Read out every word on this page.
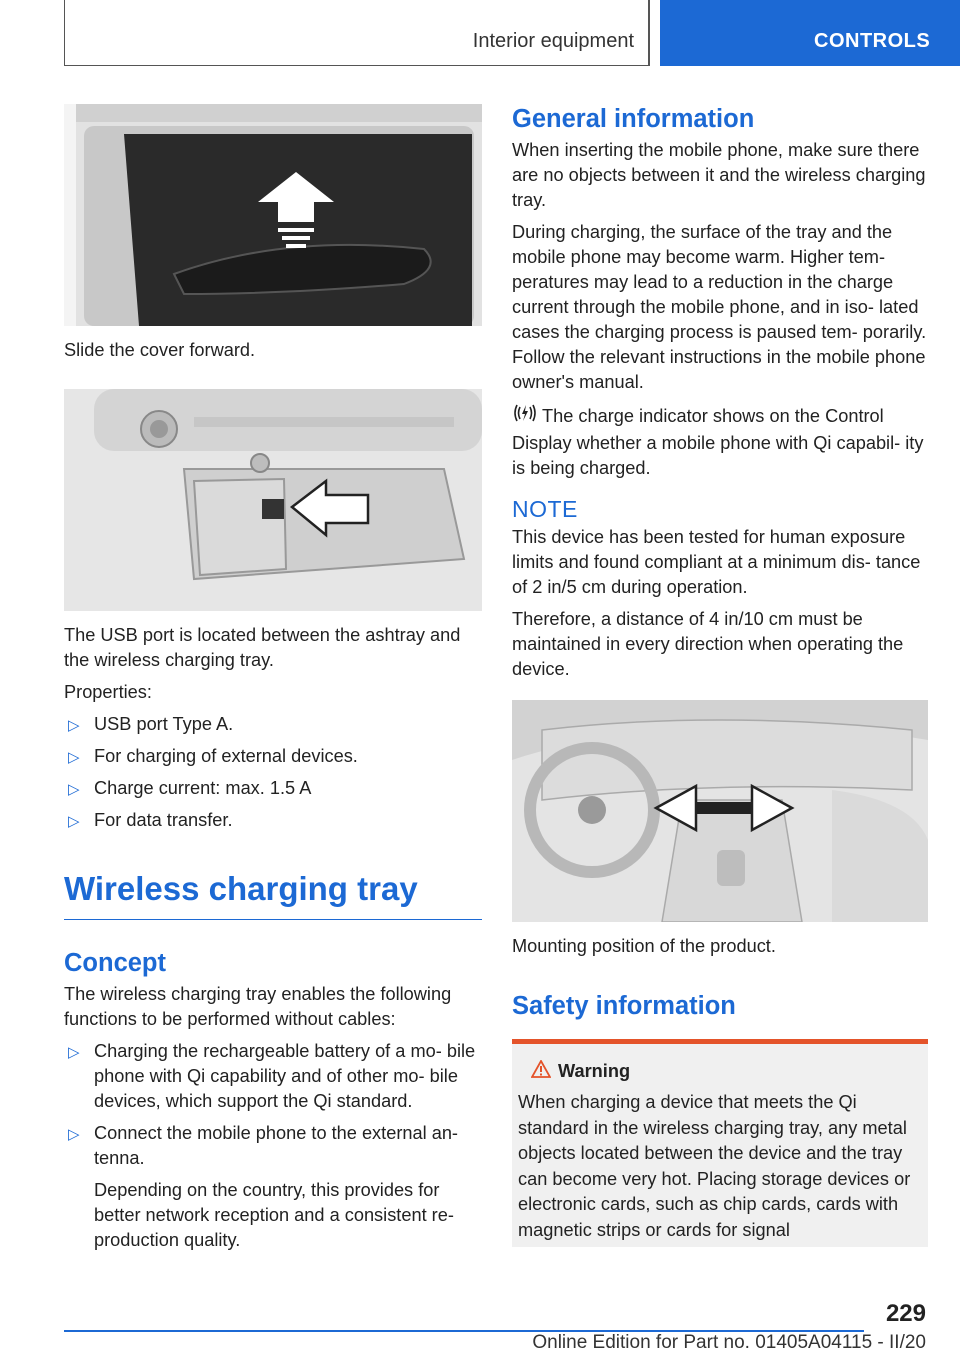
Interior equipment	CONTROLS

Slide the cover forward.

The USB port is located between the ashtray and the wireless charging tray.

Properties:

▷ USB port Type A.
▷ For charging of external devices.
▷ Charge current: max. 1.5 A
▷ For data transfer.
Wireless charging tray
Concept

The wireless charging tray enables the following functions to be performed without cables:

▷ Charging the rechargeable battery of a mo‐ bile phone with Qi capability and of other mo‐ bile devices, which support the Qi standard.
▷ Connect the mobile phone to the external an‐ tenna.

Depending on the country, this provides for better network reception and a consistent re‐ production quality.

General information

When inserting the mobile phone, make sure there are no objects between it and the wireless charging tray.

During charging, the surface of the tray and the mobile phone may become warm. Higher tem‐ peratures may lead to a reduction in the charge current through the mobile phone, and in iso‐ lated cases the charging process is paused tem‐ porarily. Follow the relevant instructions in the mobile phone owner's manual.

The charge indicator shows on the Control Display whether a mobile phone with Qi capabil‐ ity is being charged.

NOTE

This device has been tested for human exposure limits and found compliant at a minimum dis‐ tance of 2 in/5 cm during operation.

Therefore, a distance of 4 in/10 cm must be maintained in every direction when operating the device.

Mounting position of the product.

Safety information
Warning

When charging a device that meets the Qi standard in the wireless charging tray, any metal objects located between the device and the tray can become very hot. Placing storage devices or electronic cards, such as chip cards, cards with magnetic strips or cards for signal

229
Online Edition for Part no. 01405A04115 - II/20
